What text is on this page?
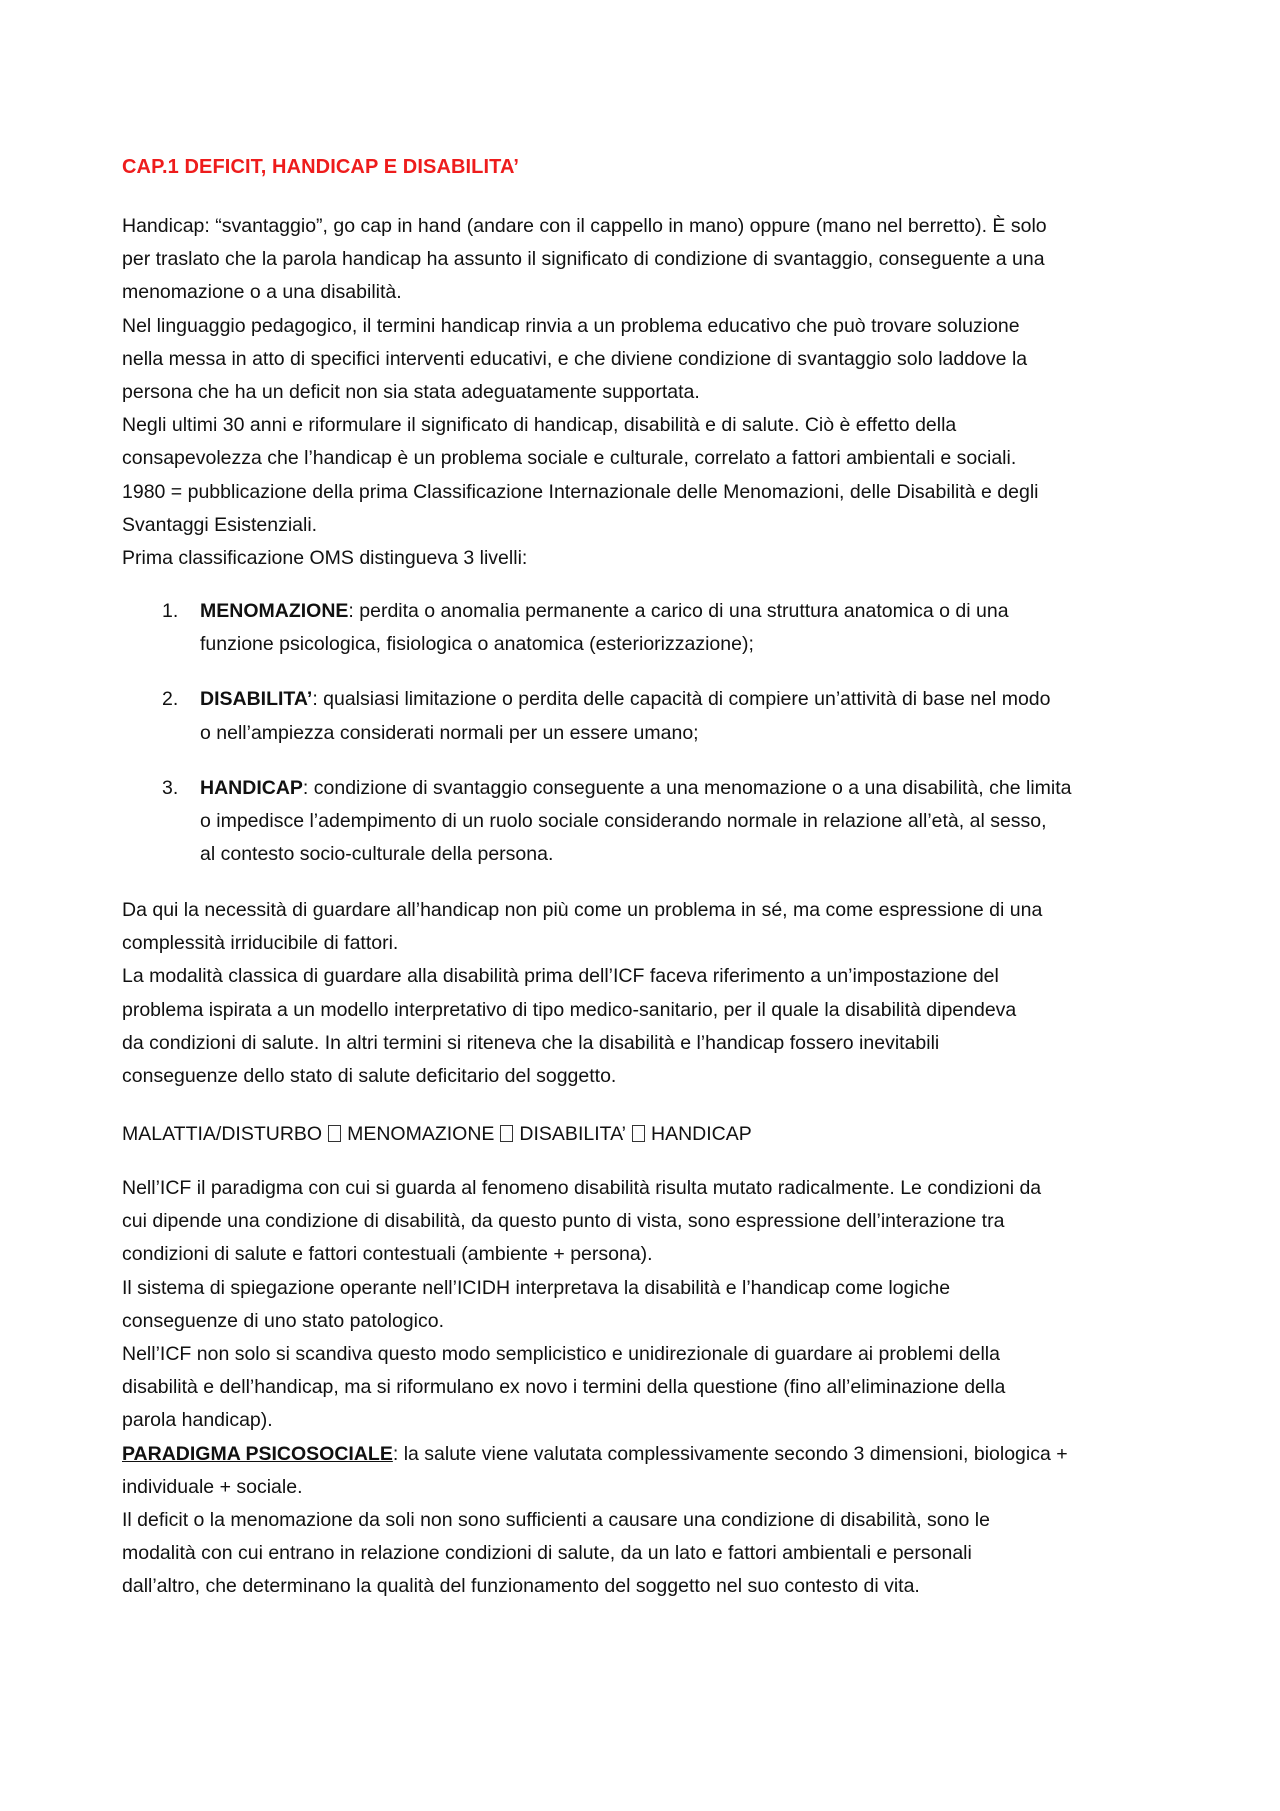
CAP.1 DEFICIT, HANDICAP E DISABILITA’

Handicap: “svantaggio”, go cap in hand (andare con il cappello in mano) oppure (mano nel berretto). È solo

per traslato che la parola handicap ha assunto il significato di condizione di svantaggio, conseguente a una

menomazione o a una disabilità.

Nel linguaggio pedagogico, il termini handicap rinvia a un problema educativo che può trovare soluzione

nella messa in atto di specifici interventi educativi, e che diviene condizione di svantaggio solo laddove la

persona che ha un deficit non sia stata adeguatamente supportata.

Negli ultimi 30 anni e riformulare il significato di handicap, disabilità e di salute. Ciò è effetto della

consapevolezza che l’handicap è un problema sociale e culturale, correlato a fattori ambientali e sociali.

1980 = pubblicazione della prima Classificazione Internazionale delle Menomazioni, delle Disabilità e degli

Svantaggi Esistenziali.

Prima classificazione OMS distingueva 3 livelli:

1. MENOMAZIONE: perdita o anomalia permanente a carico di una struttura anatomica o di una
funzione psicologica, fisiologica o anatomica (esteriorizzazione);
2. DISABILITA’: qualsiasi limitazione o perdita delle capacità di compiere un’attività di base nel modo
o nell’ampiezza considerati normali per un essere umano;
3. HANDICAP: condizione di svantaggio conseguente a una menomazione o a una disabilità, che limita
o impedisce l’adempimento di un ruolo sociale considerando normale in relazione all’età, al sesso,
al contesto socio-culturale della persona.

Da qui la necessità di guardare all’handicap non più come un problema in sé, ma come espressione di una

complessità irriducibile di fattori.

La modalità classica di guardare alla disabilità prima dell’ICF faceva riferimento a un’impostazione del

problema ispirata a un modello interpretativo di tipo medico-sanitario, per il quale la disabilità dipendeva

da condizioni di salute. In altri termini si riteneva che la disabilità e l’handicap fossero inevitabili

conseguenze dello stato di salute deficitario del soggetto.

MALATTIA/DISTURBO MENOMAZIONE DISABILITA’ HANDICAP

Nell’ICF il paradigma con cui si guarda al fenomeno disabilità risulta mutato radicalmente. Le condizioni da

cui dipende una condizione di disabilità, da questo punto di vista, sono espressione dell’interazione tra

condizioni di salute e fattori contestuali (ambiente + persona).

Il sistema di spiegazione operante nell’ICIDH interpretava la disabilità e l’handicap come logiche

conseguenze di uno stato patologico.

Nell’ICF non solo si scandiva questo modo semplicistico e unidirezionale di guardare ai problemi della

disabilità e dell’handicap, ma si riformulano ex novo i termini della questione (fino all’eliminazione della

parola handicap).

PARADIGMA PSICOSOCIALE: la salute viene valutata complessivamente secondo 3 dimensioni, biologica +

individuale + sociale.

Il deficit o la menomazione da soli non sono sufficienti a causare una condizione di disabilità, sono le

modalità con cui entrano in relazione condizioni di salute, da un lato e fattori ambientali e personali

dall’altro, che determinano la qualità del funzionamento del soggetto nel suo contesto di vita.
